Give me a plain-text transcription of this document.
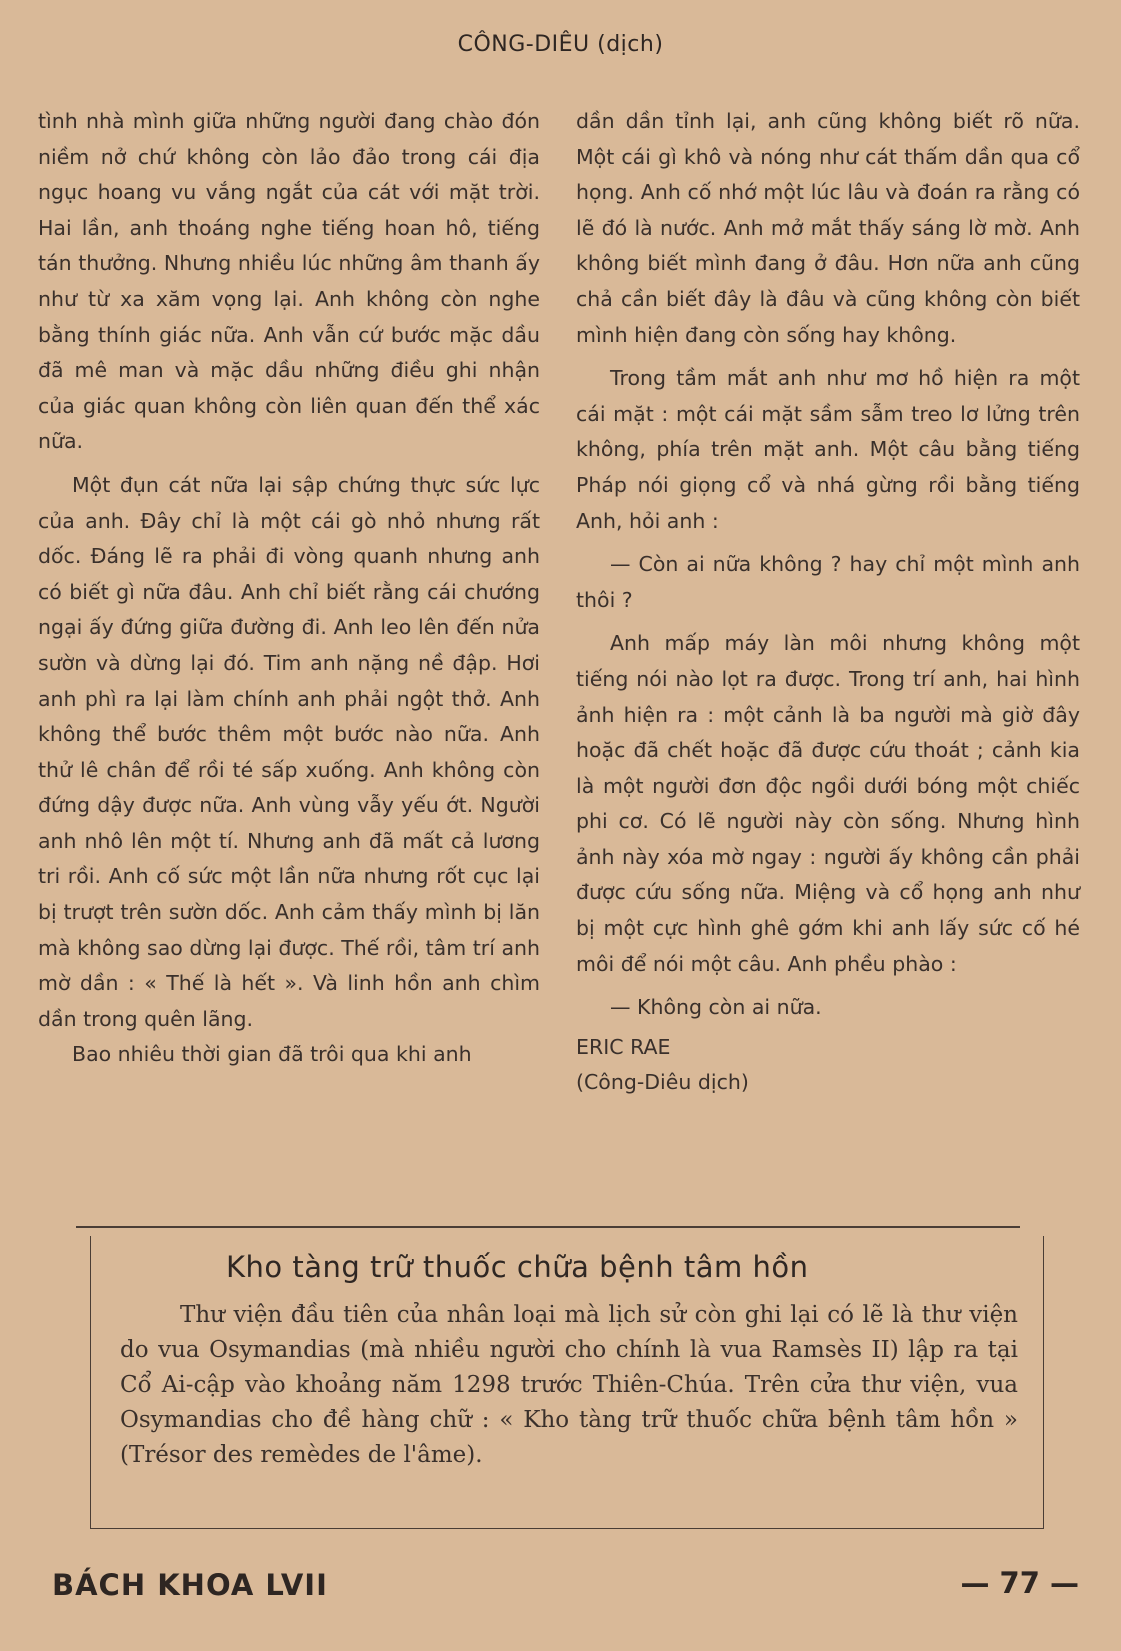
CÔNG-DIÊU (dịch)

tình nhà mình giữa những người đang chào đón niềm nở chứ không còn lảo đảo trong cái địa ngục hoang vu vắng ngắt của cát với mặt trời. Hai lần, anh thoáng nghe tiếng hoan hô, tiếng tán thưởng. Nhưng nhiều lúc những âm thanh ấy như từ xa xăm vọng lại. Anh không còn nghe bằng thính giác nữa. Anh vẫn cứ bước mặc dầu đã mê man và mặc dầu những điều ghi nhận của giác quan không còn liên quan đến thể xác nữa.

Một đụn cát nữa lại sập chứng thực sức lực của anh. Đây chỉ là một cái gò nhỏ nhưng rất dốc. Đáng lẽ ra phải đi vòng quanh nhưng anh có biết gì nữa đâu. Anh chỉ biết rằng cái chướng ngại ấy đứng giữa đường đi. Anh leo lên đến nửa sườn và dừng lại đó. Tim anh nặng nề đập. Hơi anh phì ra lại làm chính anh phải ngột thở. Anh không thể bước thêm một bước nào nữa. Anh thử lê chân để rồi té sấp xuống. Anh không còn đứng dậy được nữa. Anh vùng vẫy yếu ớt. Người anh nhô lên một tí. Nhưng anh đã mất cả lương tri rồi. Anh cố sức một lần nữa nhưng rốt cục lại bị trượt trên sườn dốc. Anh cảm thấy mình bị lăn mà không sao dừng lại được. Thế rồi, tâm trí anh mờ dần : « Thế là hết ». Và linh hồn anh chìm dần trong quên lãng.

Bao nhiêu thời gian đã trôi qua khi anh

dần dần tỉnh lại, anh cũng không biết rõ nữa. Một cái gì khô và nóng như cát thấm dần qua cổ họng. Anh cố nhớ một lúc lâu và đoán ra rằng có lẽ đó là nước. Anh mở mắt thấy sáng lờ mờ. Anh không biết mình đang ở đâu. Hơn nữa anh cũng chả cần biết đây là đâu và cũng không còn biết mình hiện đang còn sống hay không.

Trong tầm mắt anh như mơ hồ hiện ra một cái mặt : một cái mặt sầm sẫm treo lơ lửng trên không, phía trên mặt anh. Một câu bằng tiếng Pháp nói giọng cổ và nhá gừng rồi bằng tiếng Anh, hỏi anh :

— Còn ai nữa không ? hay chỉ một mình anh thôi ?

Anh mấp máy làn môi nhưng không một tiếng nói nào lọt ra được. Trong trí anh, hai hình ảnh hiện ra : một cảnh là ba người mà giờ đây hoặc đã chết hoặc đã được cứu thoát ; cảnh kia là một người đơn độc ngồi dưới bóng một chiếc phi cơ. Có lẽ người này còn sống. Nhưng hình ảnh này xóa mờ ngay : người ấy không cần phải được cứu sống nữa. Miệng và cổ họng anh như bị một cực hình ghê gớm khi anh lấy sức cố hé môi để nói một câu. Anh phều phào :

— Không còn ai nữa.

ERIC RAE

(Công-Diêu dịch)

Kho tàng trữ thuốc chữa bệnh tâm hồn

Thư viện đầu tiên của nhân loại mà lịch sử còn ghi lại có lẽ là thư viện do vua Osymandias (mà nhiều người cho chính là vua Ramsès II) lập ra tại Cổ Ai-cập vào khoảng năm 1298 trước Thiên-Chúa. Trên cửa thư viện, vua Osymandias cho đề hàng chữ : « Kho tàng trữ thuốc chữa bệnh tâm hồn » (Trésor des remèdes de l'âme).

BÁCH KHOA LVII	— 77 —
